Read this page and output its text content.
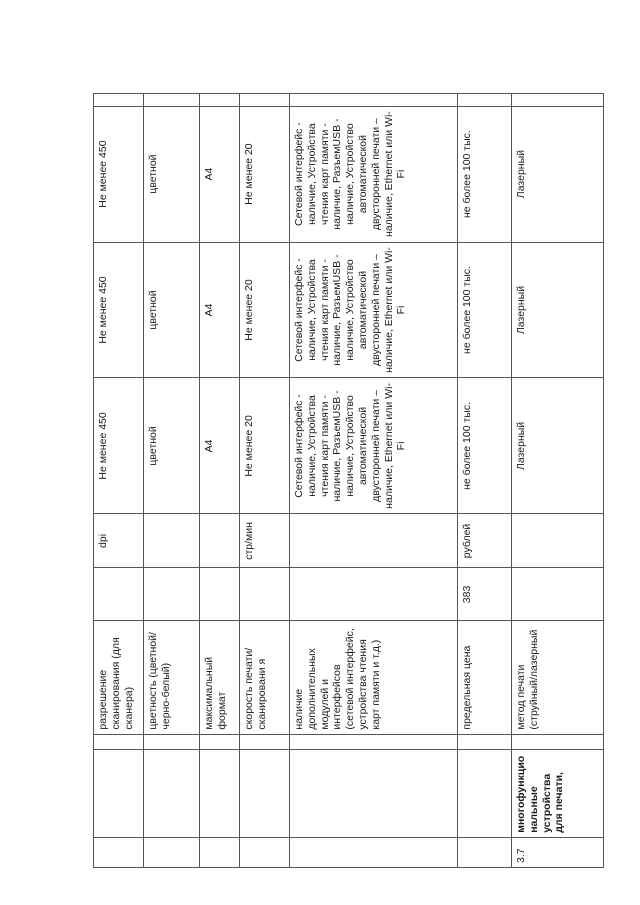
			разрешение сканирования (для сканера)		dpi	Не менее 450	Не менее 450	Не менее 450	
			цветность (цветной/черно-белый)			цветной	цветной	цветной	
			максимальный формат			А4	А4	А4	
			скорость печати/сканировани я		стр/мин	Не менее 20	Не менее 20	Не менее 20	
			наличие дополнительных модулей и интерфейсов (сетевой интерфейс, устройства чтения карт памяти и т.д.)			Сетевой интерфейс - наличие, Устройства чтения карт памяти - наличие, РазъемUSB - наличие, Устройство автоматической двусторонней печати – наличие, Ethernet или Wi-Fi	Сетевой интерфейс - наличие, Устройства чтения карт памяти - наличие, РазъемUSB - наличие, Устройство автоматической двусторонней печати – наличие, Ethernet или Wi-Fi	Сетевой интерфейс - наличие, Устройства чтения карт памяти - наличие, РазъемUSB - наличие, Устройство автоматической двусторонней печати – наличие, Ethernet или Wi-Fi	
			предельная цена	383	рублей	не более 100 тыс.	не более 100 тыс.	не более 100 тыс.	
3.7	многофункциональные устройства для печати,		метод печати (струйный/лазерный			Лазерный	Лазерный	Лазерный	
